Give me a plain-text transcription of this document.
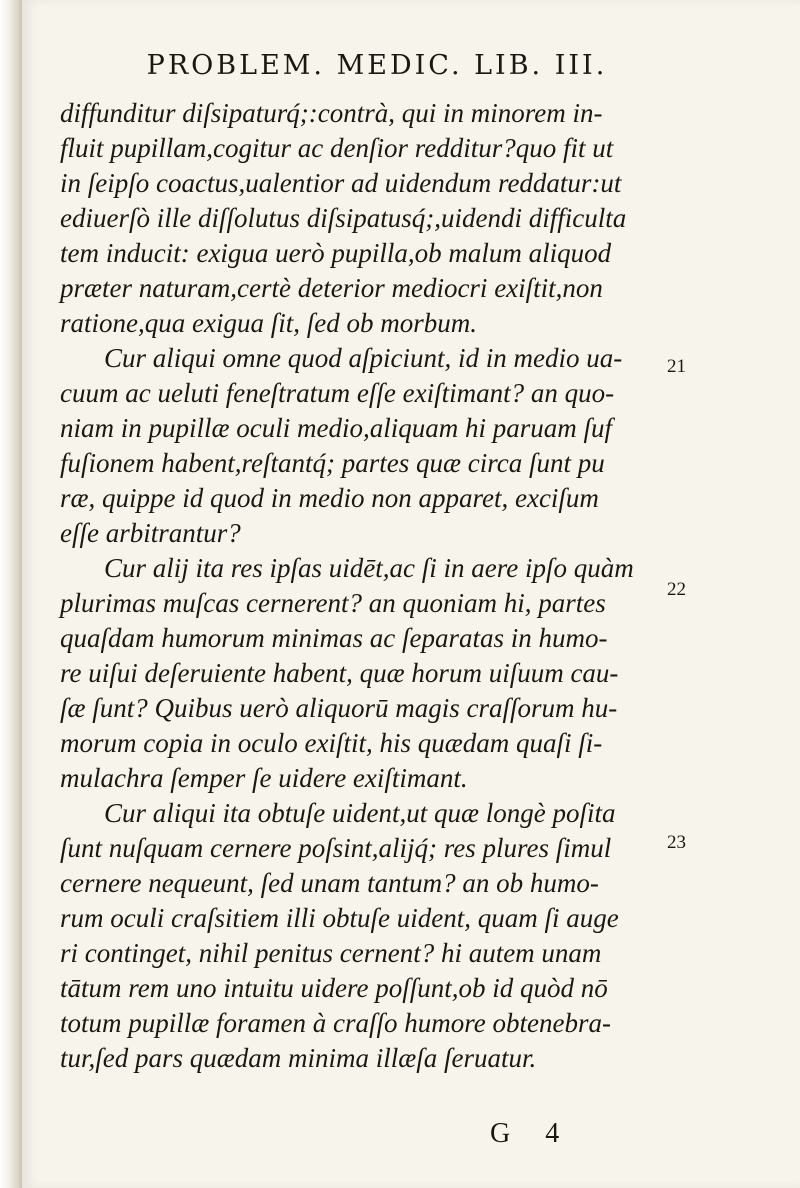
PROBLEM. MEDIC. LIB. III.
diffunditur diſsipaturq́;:contrà, qui in minorem in-
fluit pupillam,cogitur ac denſior redditur?quo fit ut
in ſeipſo coactus,ualentior ad uidendum reddatur:ut
ediuerſò ille diſſolutus diſsipatusq́;,uidendi difficulta
tem inducit: exigua uerò pupilla,ob malum aliquod
præter naturam,certè deterior mediocri exiſtit,non
ratione,qua exigua ſit, ſed ob morbum.
Cur aliqui omne quod aſpiciunt, id in medio ua-
cuum ac ueluti feneſtratum eſſe exiſtimant? an quo-
niam in pupillæ oculi medio,aliquam hi paruam ſuf
fuſionem habent,reſtantq́; partes quæ circa ſunt pu
ræ, quippe id quod in medio non apparet, exciſum
eſſe arbitrantur?
Cur alij ita res ipſas uidēt,ac ſi in aere ipſo quàm
plurimas muſcas cernerent? an quoniam hi, partes
quaſdam humorum minimas ac ſeparatas in humo-
re uiſui deſeruiente habent, quæ horum uiſuum cau-
ſæ ſunt? Quibus uerò aliquorū magis craſſorum hu-
morum copia in oculo exiſtit, his quædam quaſi ſi-
mulachra ſemper ſe uidere exiſtimant.
Cur aliqui ita obtuſe uident,ut quæ longè poſita
ſunt nuſquam cernere poſsint,alijq́; res plures ſimul
cernere nequeunt, ſed unam tantum? an ob humo-
rum oculi craſsitiem illi obtuſe uident, quam ſi auge
ri continget, nihil penitus cernent? hi autem unam
tātum rem uno intuitu uidere poſſunt,ob id quòd nō
totum pupillæ foramen à craſſo humore obtenebra-
tur,ſed pars quædam minima illæſa ſeruatur.
21
22
23
G 4
